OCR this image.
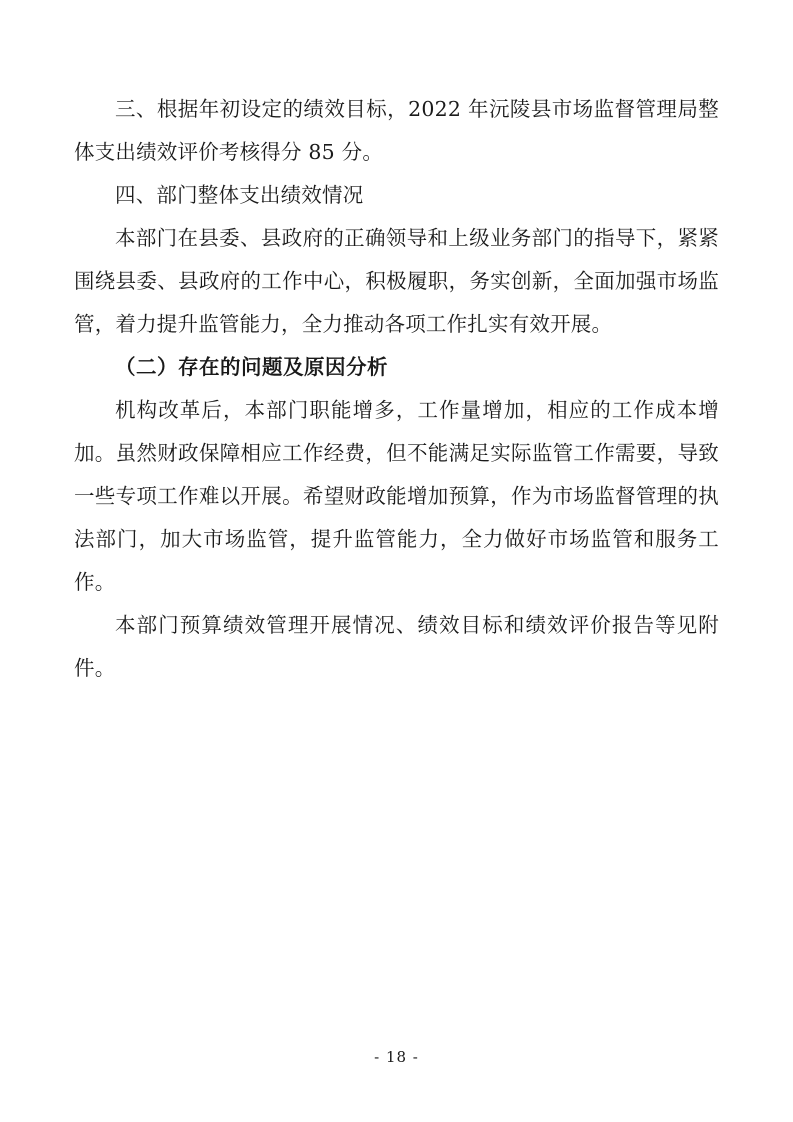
三、根据年初设定的绩效目标，2022 年沅陵县市场监督管理局整体支出绩效评价考核得分 85 分。

四、部门整体支出绩效情况

本部门在县委、县政府的正确领导和上级业务部门的指导下，紧紧围绕县委、县政府的工作中心，积极履职，务实创新，全面加强市场监管，着力提升监管能力，全力推动各项工作扎实有效开展。

（二）存在的问题及原因分析

机构改革后，本部门职能增多，工作量增加，相应的工作成本增加。虽然财政保障相应工作经费，但不能满足实际监管工作需要，导致一些专项工作难以开展。希望财政能增加预算，作为市场监督管理的执法部门，加大市场监管，提升监管能力，全力做好市场监管和服务工作。

本部门预算绩效管理开展情况、绩效目标和绩效评价报告等见附件。

- 18 -
